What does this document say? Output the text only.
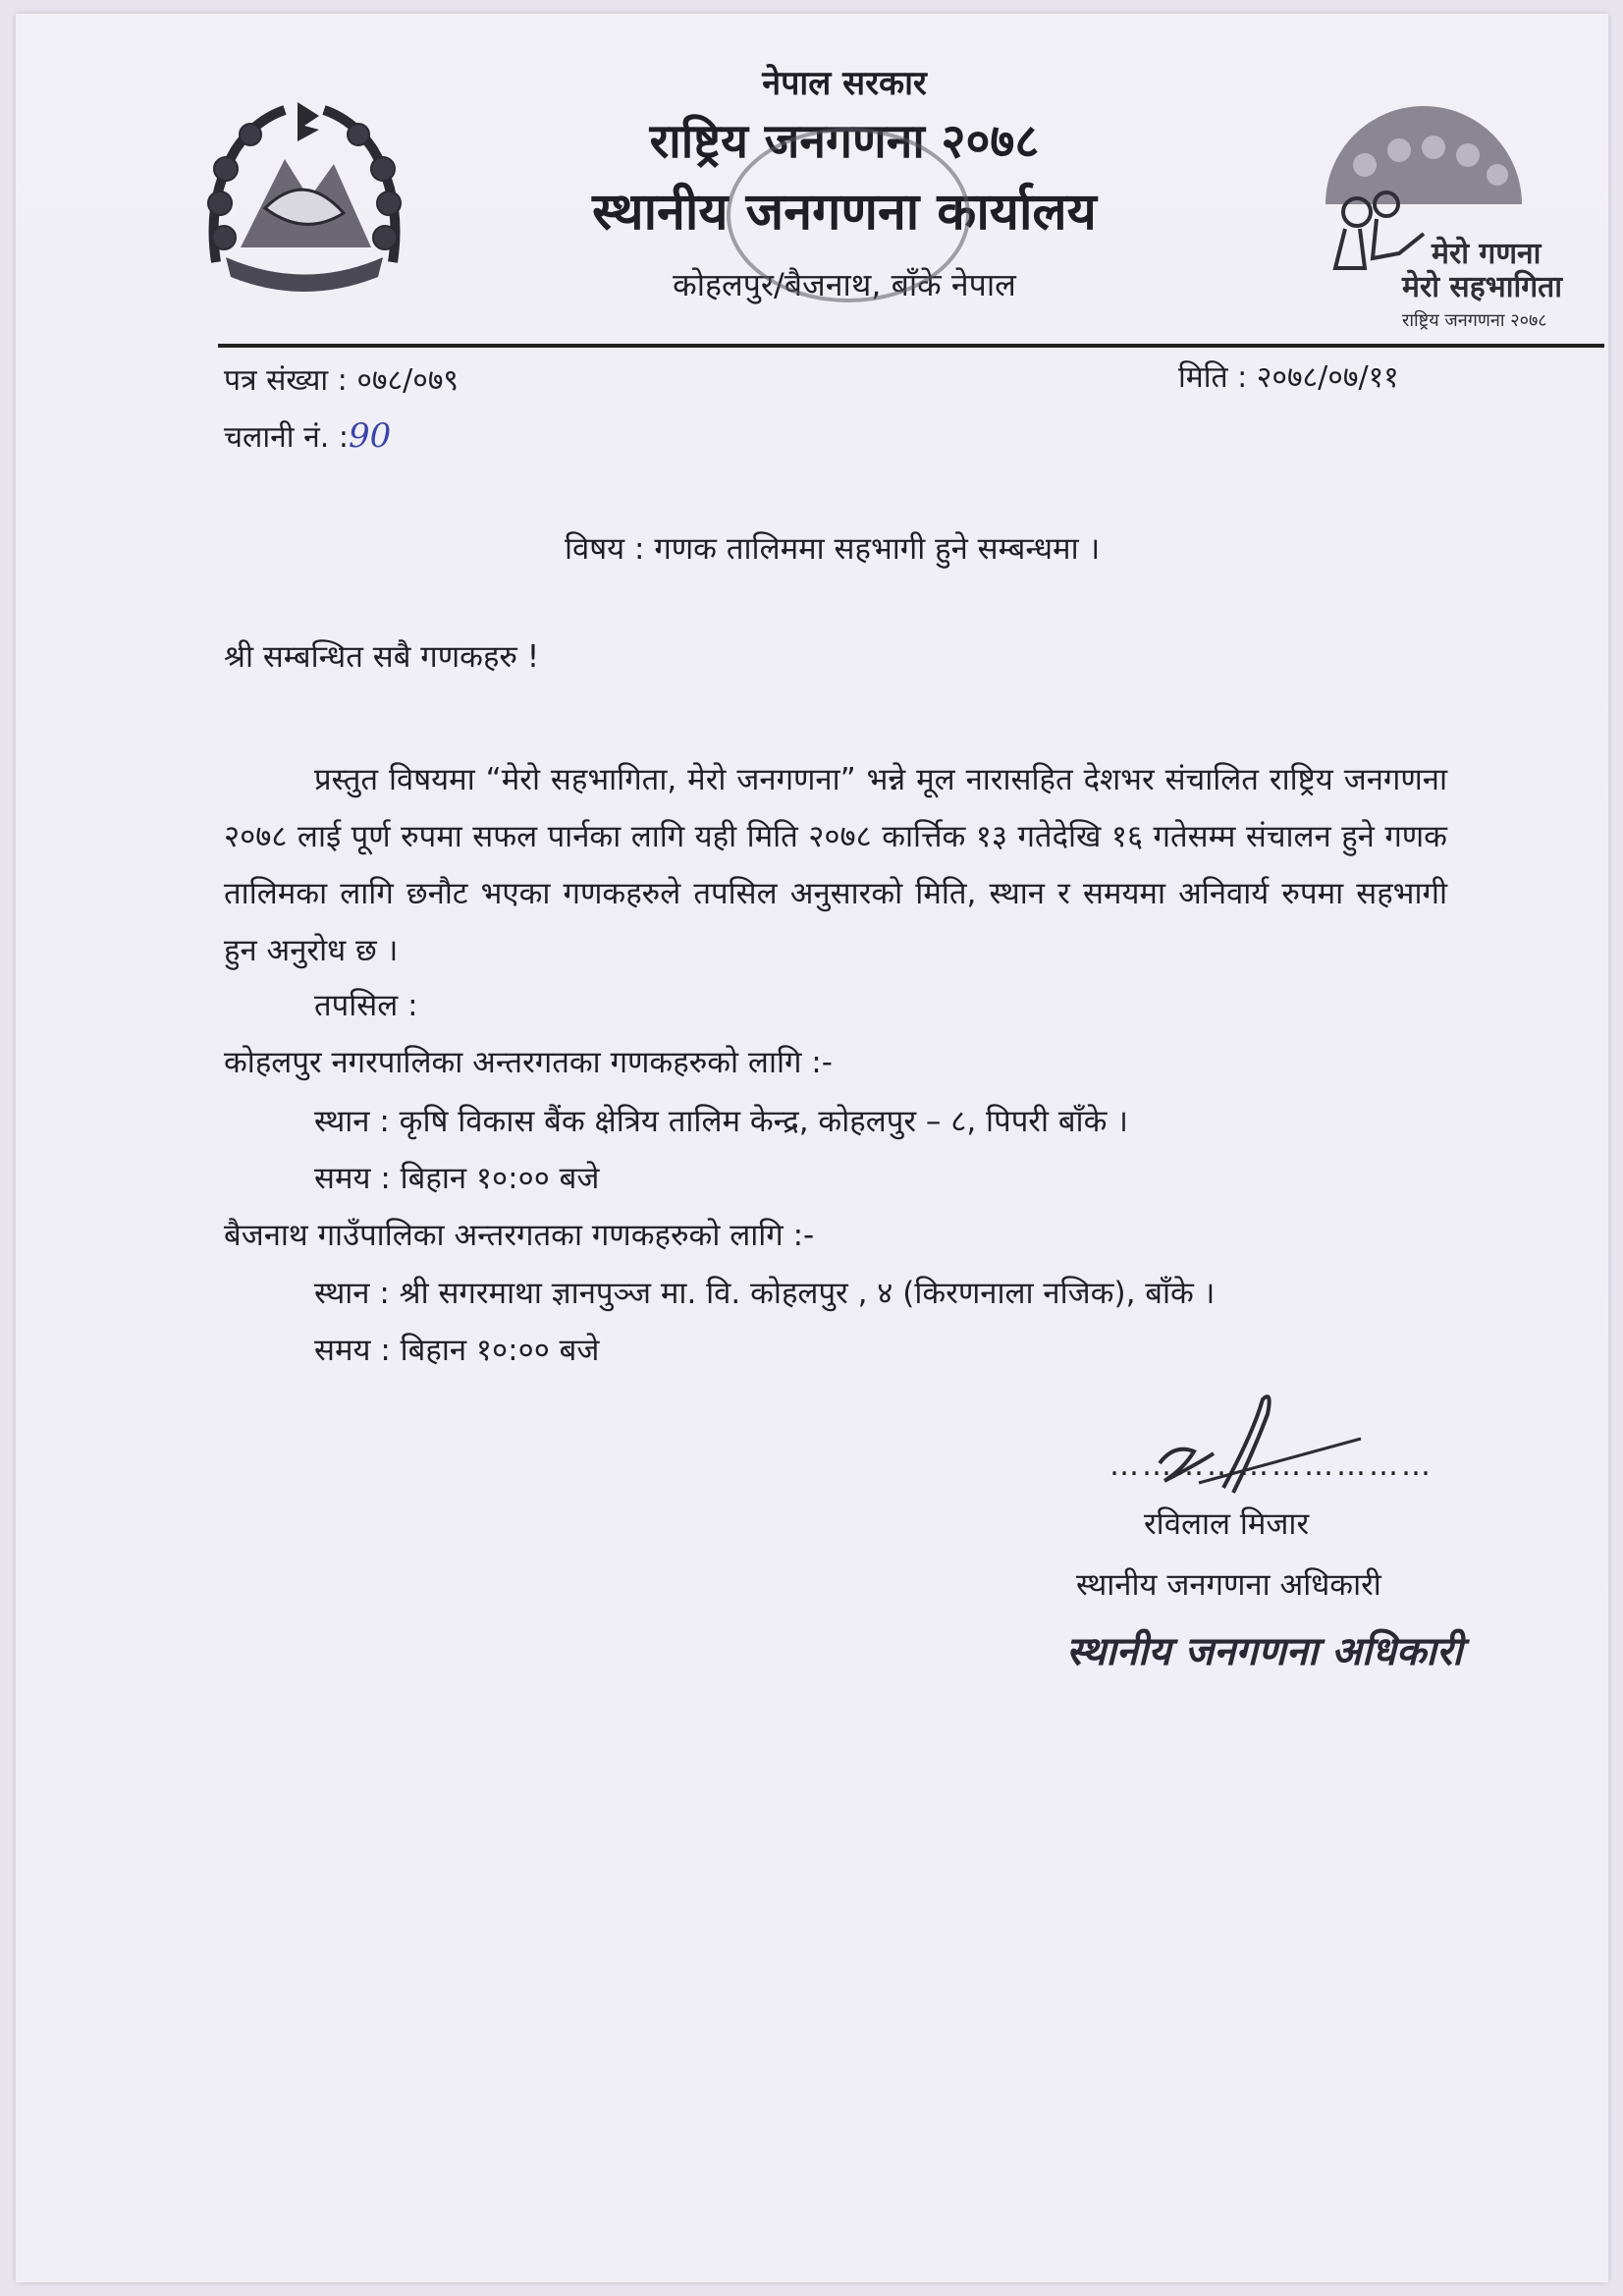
नेपाल सरकार

राष्ट्रिय जनगणना २०७८

स्थानीय जनगणना कार्यालय

कोहलपुर/बैजनाथ, बाँके नेपाल
मेरो गणना
मेरो सहभागिता
राष्ट्रिय जनगणना २०७८
पत्र संख्या : ०७८/०७९
चलानी नं. :90
मिति : २०७८/०७/११
विषय : गणक तालिममा सहभागी हुने सम्बन्धमा ।
श्री सम्बन्धित सबै गणकहरु !

प्रस्तुत विषयमा “मेरो सहभागिता, मेरो जनगणना” भन्ने मूल नारासहित देशभर संचालित राष्ट्रिय जनगणना २०७८ लाई पूर्ण रुपमा सफल पार्नका लागि यही मिति २०७८ कार्त्तिक १३ गतेदेखि १६ गतेसम्म संचालन हुने गणक तालिमका लागि छनौट भएका गणकहरुले तपसिल अनुसारको मिति, स्थान र समयमा अनिवार्य रुपमा सहभागी हुन अनुरोध छ ।

तपसिल :
कोहलपुर नगरपालिका अन्तरगतका गणकहरुको लागि :-
स्थान : कृषि विकास बैंक क्षेत्रिय तालिम केन्द्र, कोहलपुर – ८, पिपरी बाँके ।
समय : बिहान १०:०० बजे
बैजनाथ गाउँपालिका अन्तरगतका गणकहरुको लागि :-
स्थान : श्री सगरमाथा ज्ञानपुञ्ज मा. वि. कोहलपुर , ४ (किरणनाला नजिक), बाँके ।
समय : बिहान १०:०० बजे
…………………………
रविलाल मिजार
स्थानीय जनगणना अधिकारी
स्थानीय जनगणना अधिकारी
